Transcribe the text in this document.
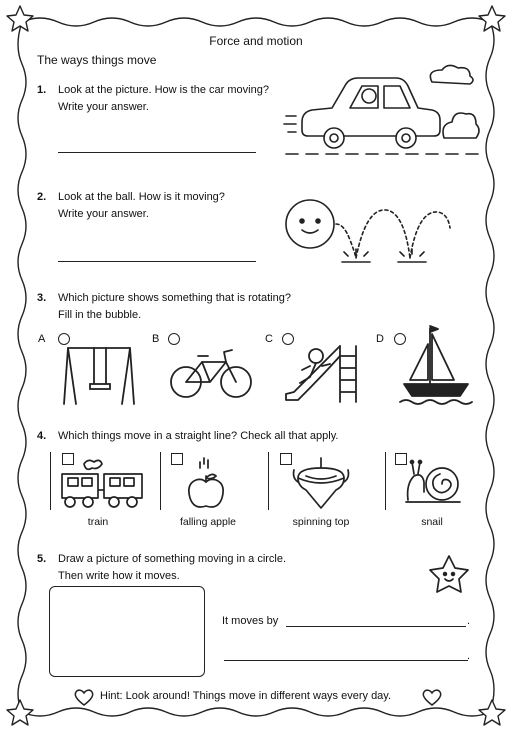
Force and motion
The ways things move
1. Look at the picture. How is the car moving?
Write your answer.
2. Look at the ball. How is it moving?
Write your answer.
3. Which picture shows something that is rotating?
Fill in the bubble.
A	B	C	D
4. Which things move in a straight line? Check all that apply.
train	falling apple	spinning top	snail
5. Draw a picture of something moving in a circle.
Then write how it moves.
It moves by	.
.
Hint: Look around! Things move in different ways every day.
